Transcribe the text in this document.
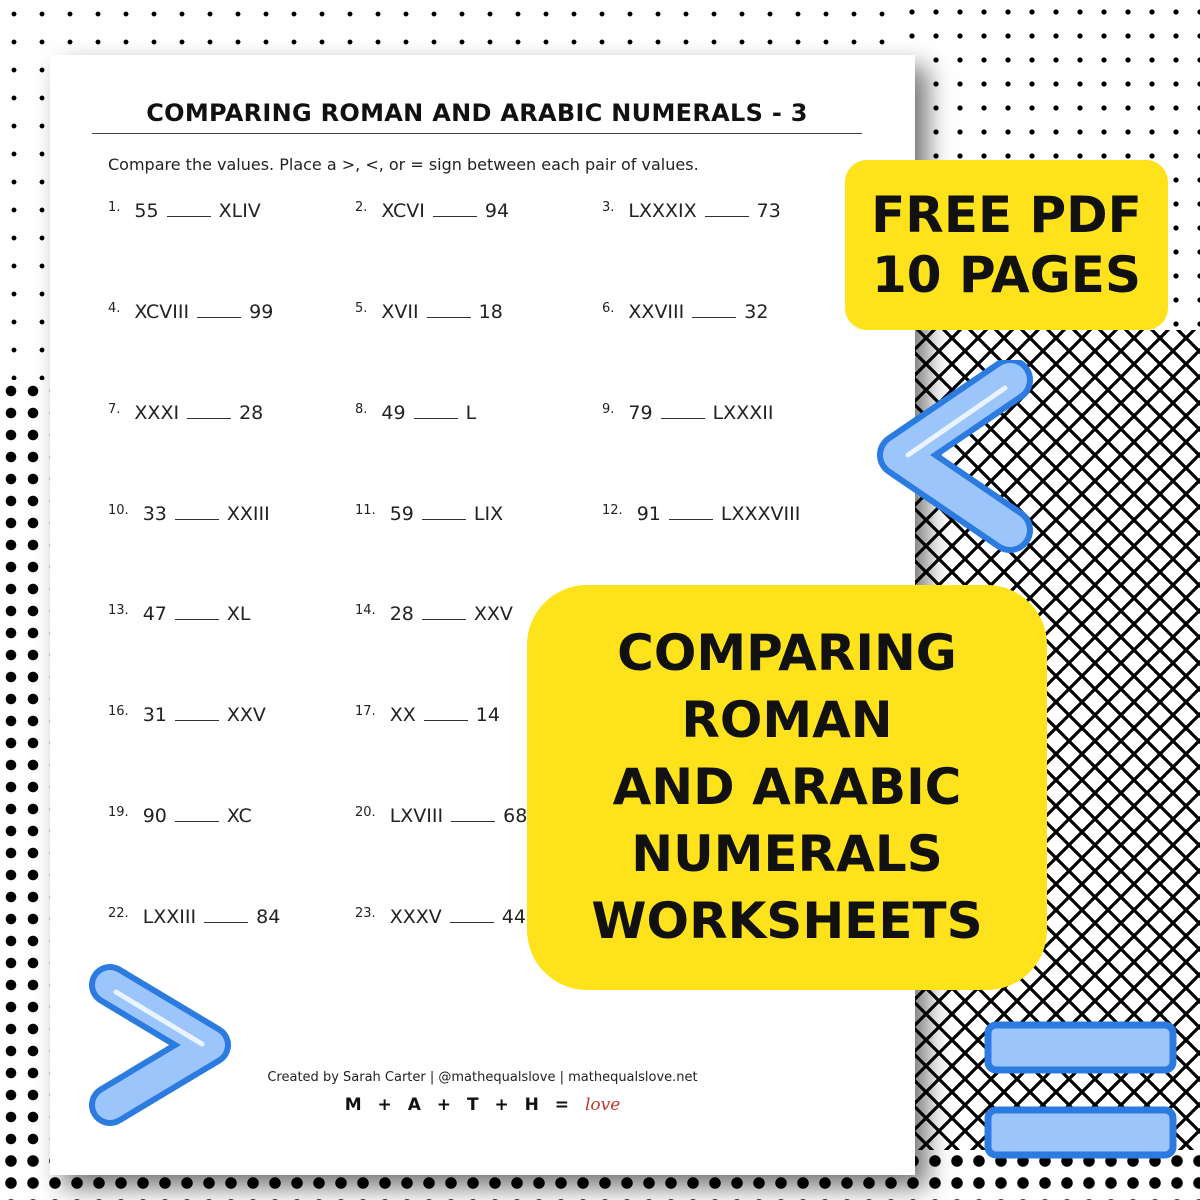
COMPARING ROMAN AND ARABIC NUMERALS - 3
Compare the values. Place a >, <, or = sign between each pair of values.
$^{1.}$ 55	XLIV	$^{2.}$ XCVI	94	$^{3.}$ LXXXIX	73
$^{4.}$ XCVIII	99	$^{5.}$ XVII	18	$^{6.}$ XXVIII	32
$^{7.}$ XXXI	28	$^{8.}$ 49	L	$^{9.}$ 79	LXXXII
$^{10.}$ 33	XXIII	$^{11.}$ 59	LIX	$^{12.}$ 91	LXXXVIII
$^{13.}$ 47	XL	$^{14.}$ 28	XXV
$^{16.}$ 31	XXV	$^{17.}$ XX	14
$^{19.}$ 90	XC	$^{20.}$ LXVIII	68
$^{22.}$ LXXIII	84	$^{23.}$ XXXV	44
Created by Sarah Carter | @mathequalslove | mathequalslove.net
M + A + T + H = love
FREE PDF
10 PAGES
COMPARING
ROMAN
AND ARABIC
NUMERALS
WORKSHEETS
